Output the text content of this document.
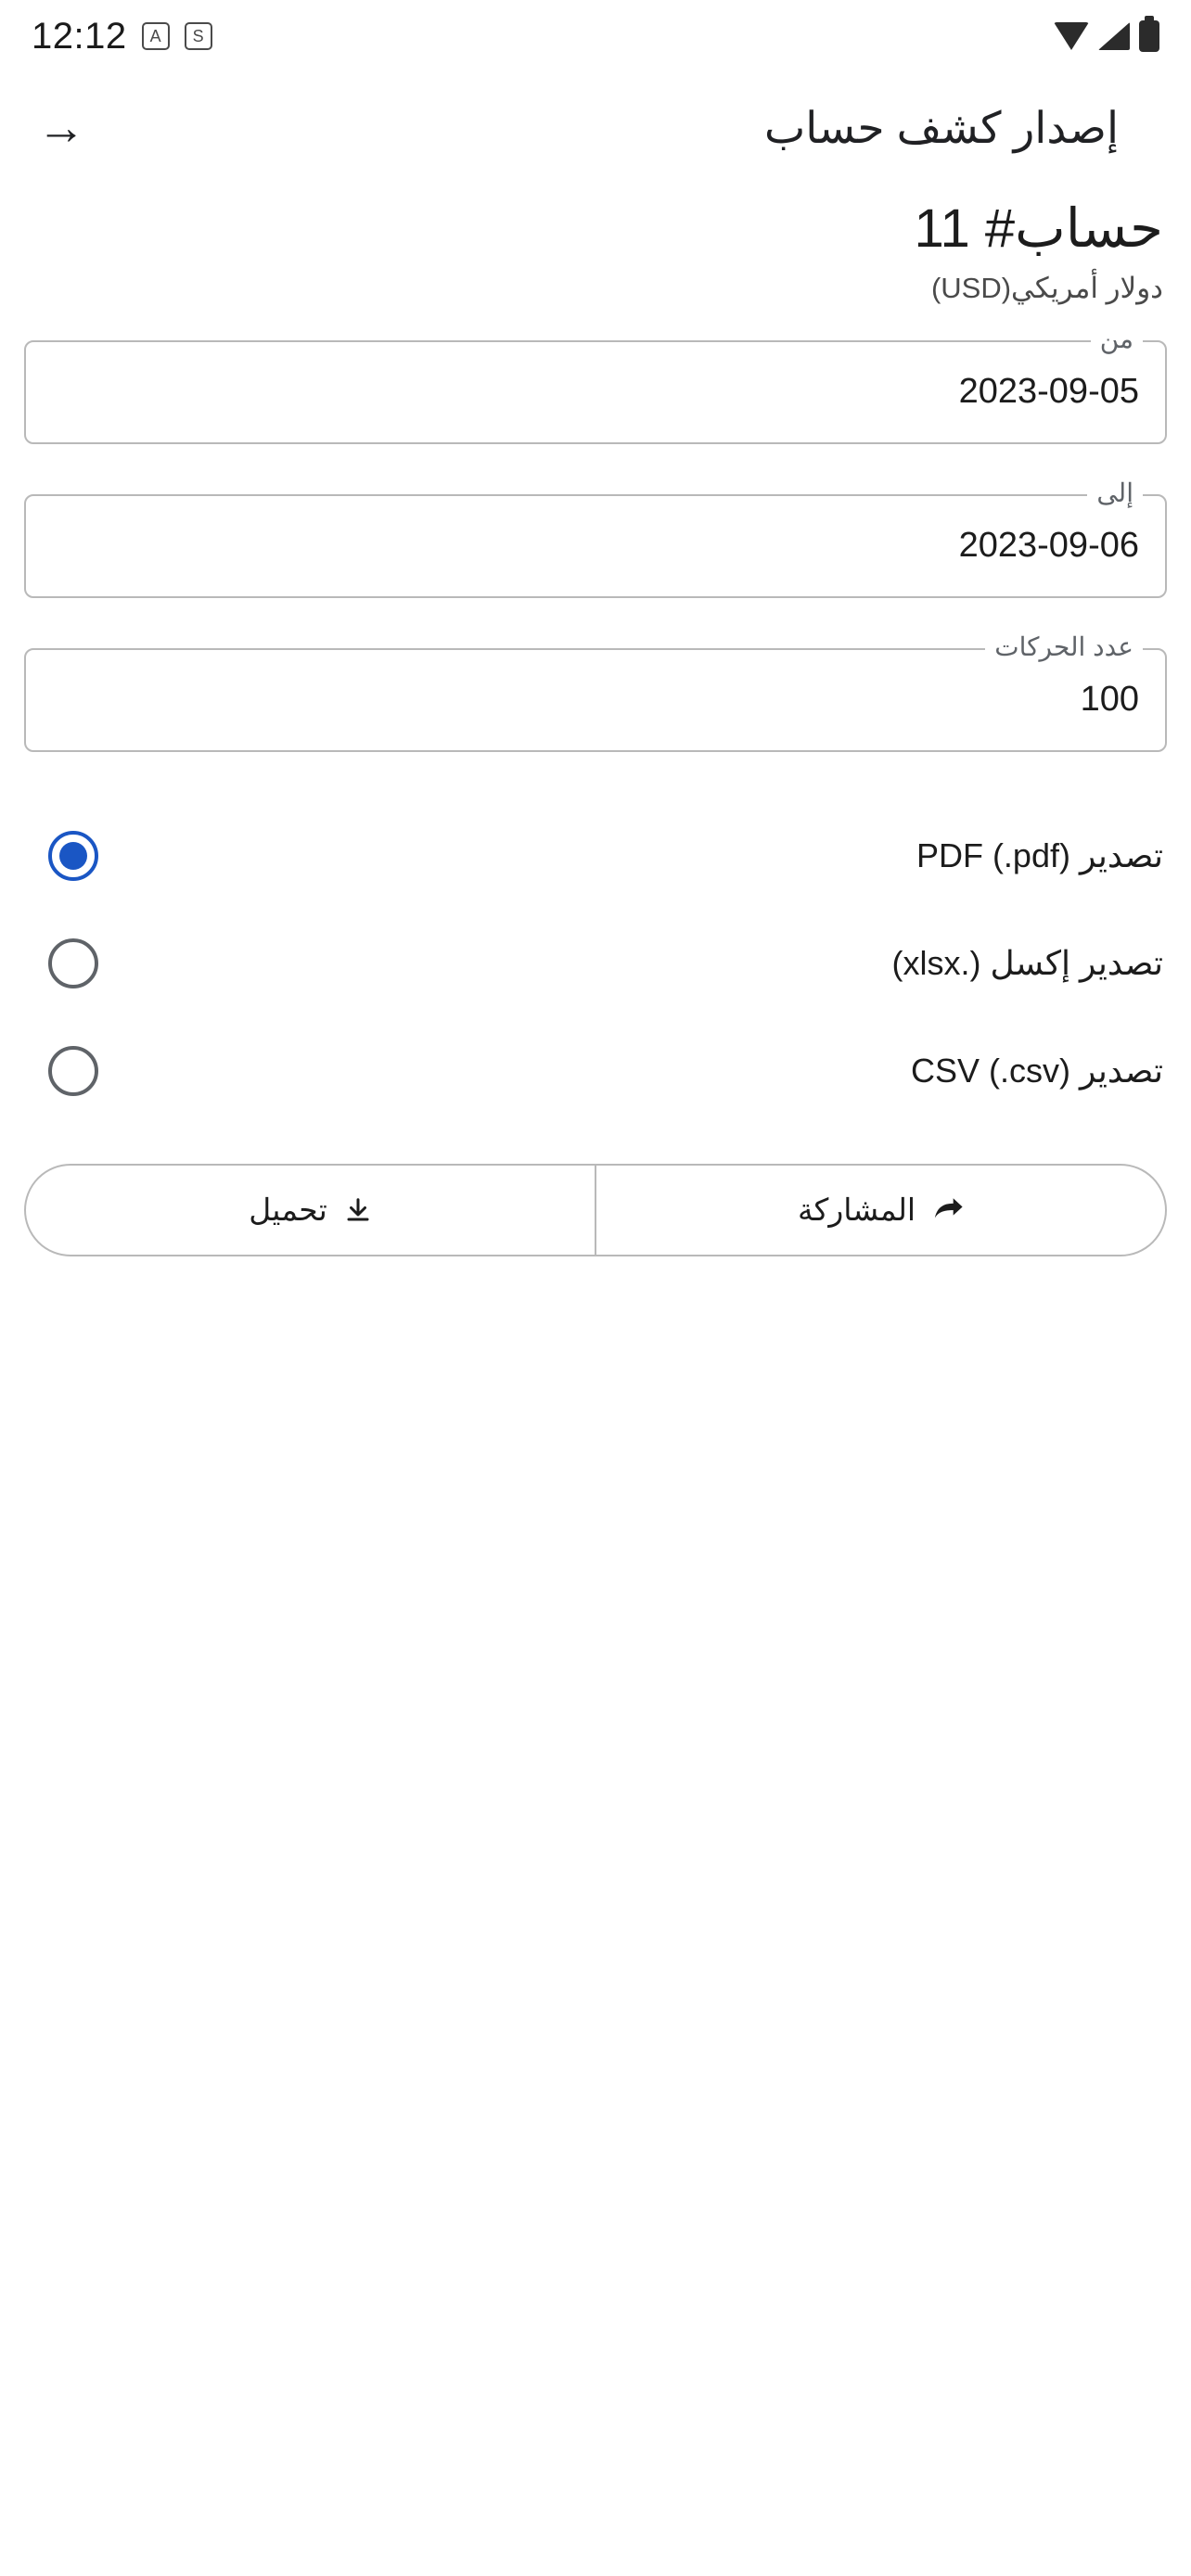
12:12	A	S
إصدار كشف حساب
→
حساب# 11
دولار أمريكي(USD)
من
2023-09-05
إلى
2023-09-06
عدد الحركات
100
تصدير PDF (.pdf)
تصدير إكسل (.xlsx)
تصدير CSV (.csv)
المشاركة
تحميل
